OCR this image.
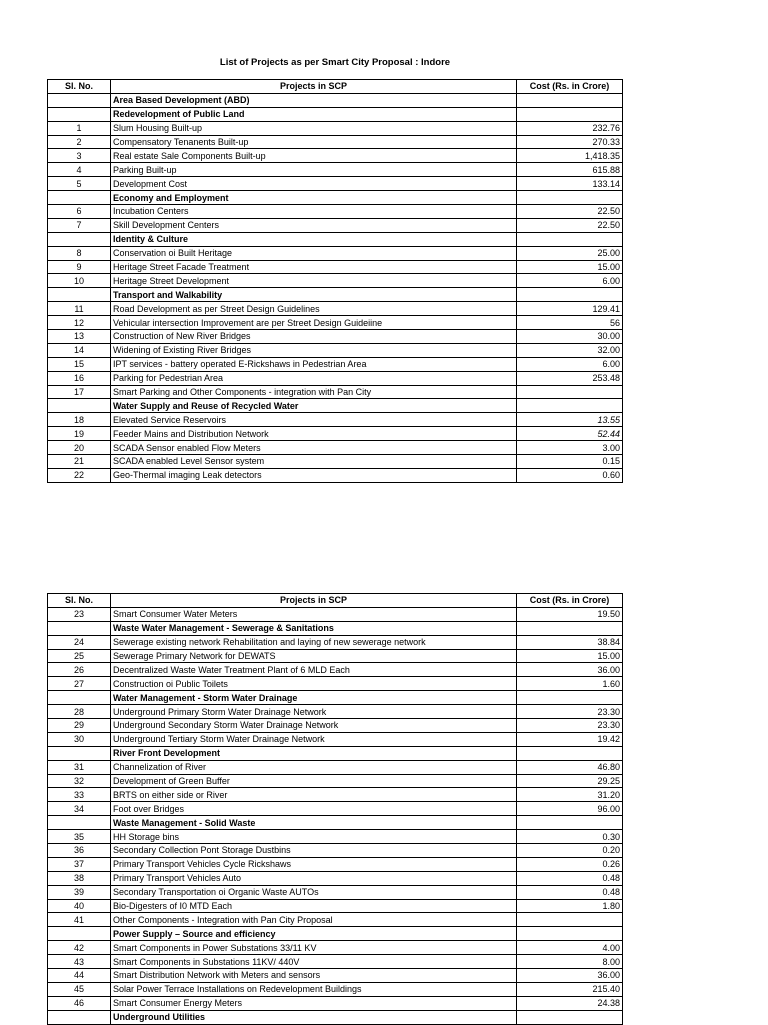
List of Projects as per Smart City Proposal : Indore
Sl. No.	Projects in SCP	Cost (Rs. in Crore)
	Area Based Development (ABD)	
	Redevelopment of Public Land	
1	Slum Housing Built-up	232.76
2	Compensatory Tenanents Built-up	270.33
3	Real estate Sale Components Built-up	1,418.35
4	Parking Built-up	615.88
5	Development Cost	133.14
	Economy and Employment	
6	Incubation Centers	22.50
7	Skill Development Centers	22.50
	Identity & Culture	
8	Conservation oi Built Heritage	25.00
9	Heritage Street Facade Treatment	15.00
10	Heritage Street Development	6.00
	Transport and Walkability	
11	Road Development as per Street Design Guidelines	129.41
12	Vehicular intersection Improvement are per Street Design Guideiine	56
13	Construction of New River Bridges	30.00
14	Widening of Existing River Bridges	32.00
15	IPT services - battery operated E-Rickshaws in Pedestrian Area	6.00
16	Parking for Pedestrian Area	253.48
17	Smart Parking and Other Components - integration with Pan City	
	Water Supply and Reuse of Recycled Water	
18	Elevated Service Reservoirs	13.55
19	Feeder Mains and Distribution Network	52.44
20	SCADA Sensor enabled Flow Meters	3.00
21	SCADA enabled Level Sensor system	0.15
22	Geo-Thermal imaging Leak detectors	0.60
Sl. No.	Projects in SCP	Cost (Rs. in Crore)
23	Smart Consumer Water Meters	19.50
	Waste Water Management - Sewerage & Sanitations	
24	Sewerage existing network Rehabilitation and laying of new sewerage network	38.84
25	Sewerage Primary Network for DEWATS	15.00
26	Decentralized Waste Water Treatment Plant of 6 MLD Each	36.00
27	Construction oi Public Toilets	1.60
	Water Management - Storm Water Drainage	
28	Underground Primary Storm Water Drainage Network	23.30
29	Underground Secondary Storm Water Drainage Network	23.30
30	Underground Tertiary Storm Water Drainage Network	19.42
	River Front Development	
31	Channelization of River	46.80
32	Development of Green Buffer	29.25
33	BRTS on either side or River	31.20
34	Foot over Bridges	96.00
	Waste Management - Solid Waste	
35	HH Storage bins	0.30
36	Secondary Collection Pont Storage Dustbins	0.20
37	Primary Transport Vehicles Cycle Rickshaws	0.26
38	Primary Transport Vehicles Auto	0.48
39	Secondary Transportation oi Organic Waste AUTOs	0.48
40	Bio-Digesters of I0 MTD Each	1.80
41	Other Components - Integration with Pan City Proposal	
	Power Supply – Source and efficiency	
42	Smart Components in Power Substations 33/11 KV	4.00
43	Smart Components in Substations 11KV/ 440V	8.00
44	Smart Distribution Network with Meters and sensors	36.00
45	Solar Power Terrace Installations on Redevelopment Buildings	215.40
46	Smart Consumer Energy Meters	24.38
	Underground Utilities	
